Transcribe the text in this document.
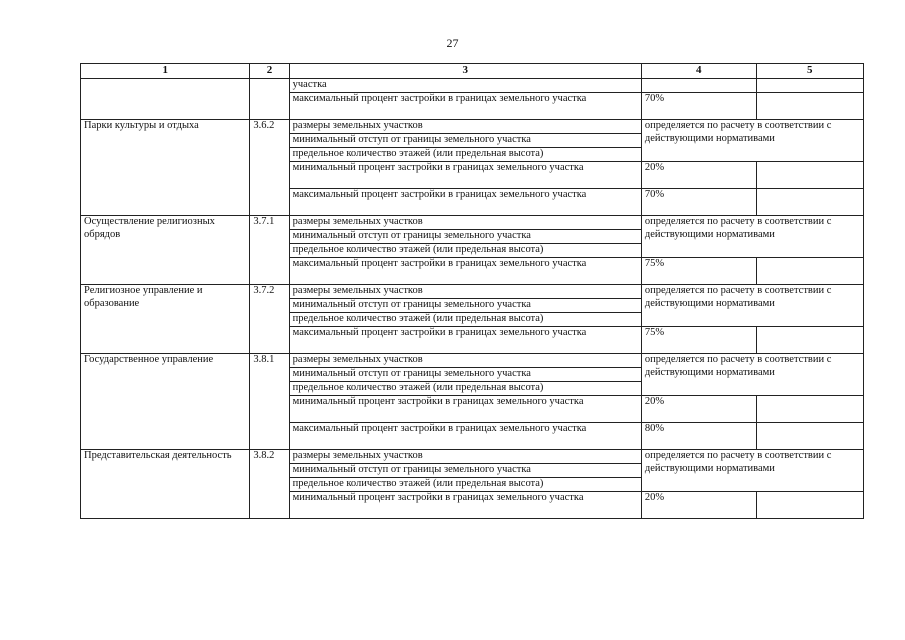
27
1	2	3	4	5
		участка		
		максимальный процент застройки в границах земельного участка	70%	
Парки культуры и отдыха	3.6.2	размеры земельных участков	определяется по расчету в соответствии с действующими нормативами	
		минимальный отступ от границы земельного участка		
		предельное количество этажей (или предельная высота)		
		минимальный процент застройки в границах земельного участка	20%	
		максимальный процент застройки в границах земельного участка	70%	
Осуществление религиозных обрядов	3.7.1	размеры земельных участков	определяется по расчету в соответствии с действующими нормативами	
		минимальный отступ от границы земельного участка		
		предельное количество этажей (или предельная высота)		
		максимальный процент застройки в границах земельного участка	75%	
Религиозное управление и образование	3.7.2	размеры земельных участков	определяется по расчету в соответствии с действующими нормативами	
		минимальный отступ от границы земельного участка		
		предельное количество этажей (или предельная высота)		
		максимальный процент застройки в границах земельного участка	75%	
Государственное управление	3.8.1	размеры земельных участков	определяется по расчету в соответствии с действующими нормативами	
		минимальный отступ от границы земельного участка		
		предельное количество этажей (или предельная высота)		
		минимальный процент застройки в границах земельного участка	20%	
		максимальный процент застройки в границах земельного участка	80%	
Представительская деятельность	3.8.2	размеры земельных участков	определяется по расчету в соответствии с действующими нормативами	
		минимальный отступ от границы земельного участка		
		предельное количество этажей (или предельная высота)		
		минимальный процент застройки в границах земельного участка	20%	
